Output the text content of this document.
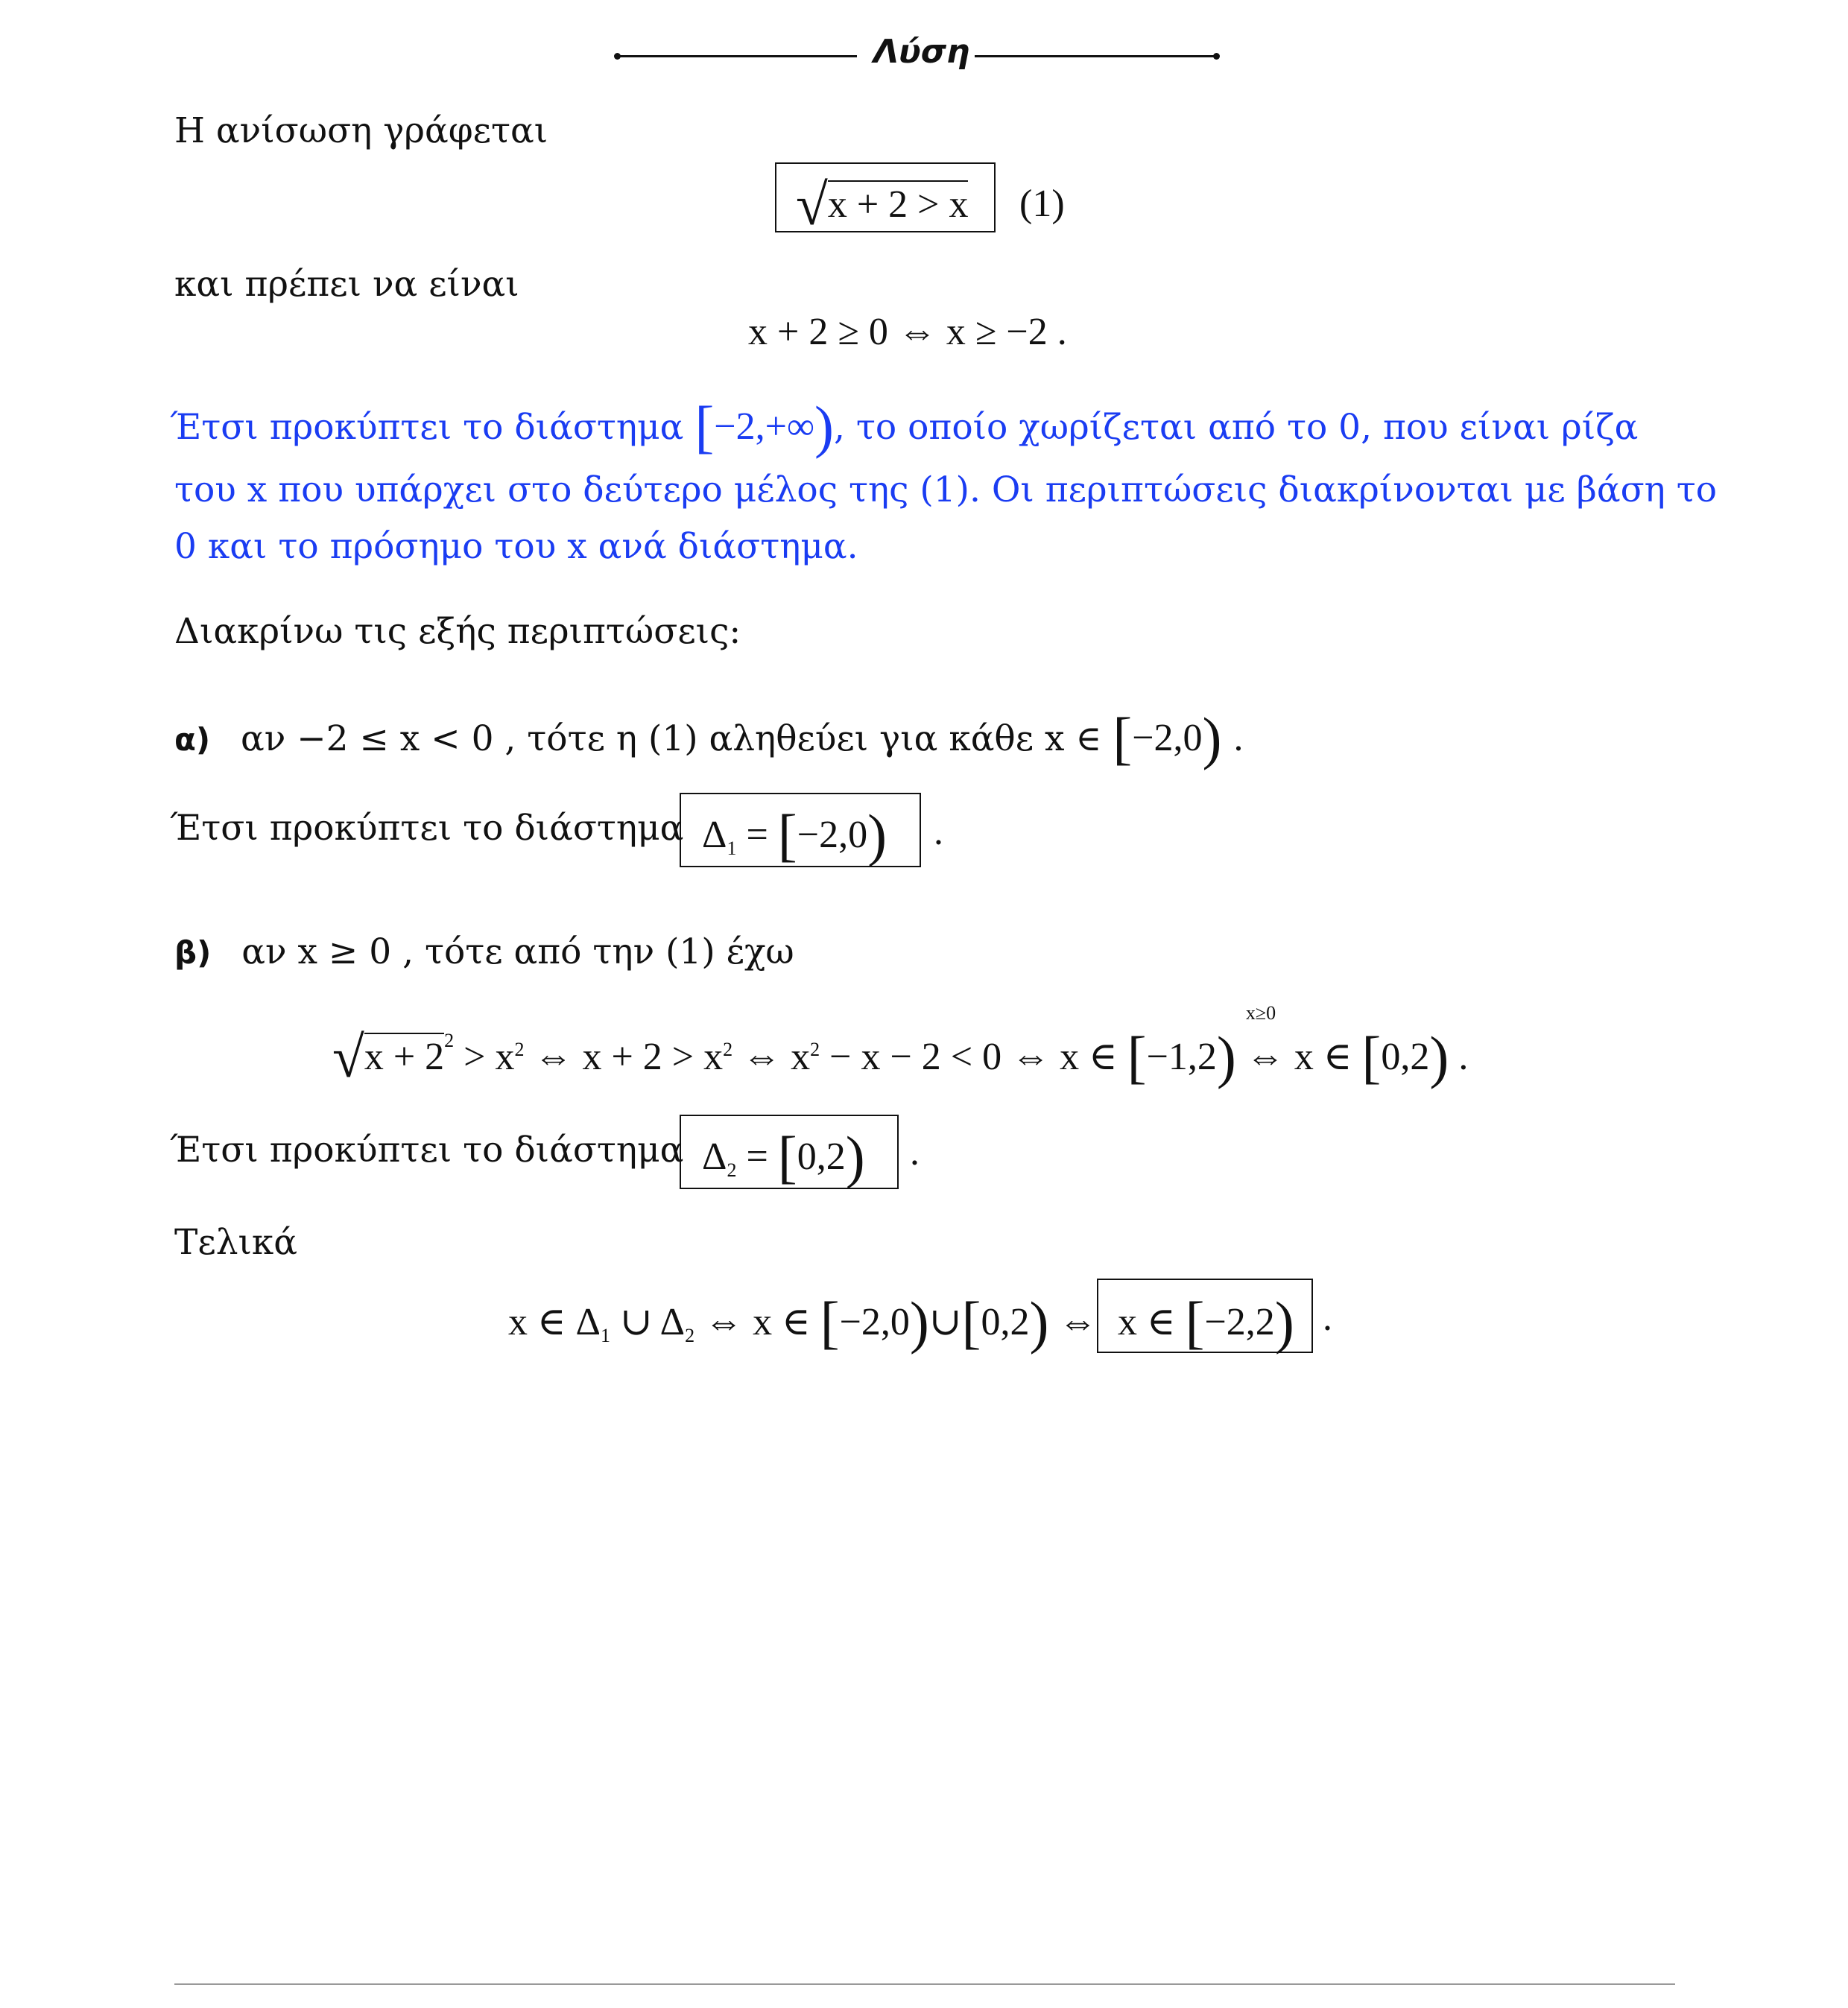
Λύση
Η ανίσωση γράφεται
√x + 2 > x (1)
και πρέπει να είναι
x + 2 ≥ 0 ⇔ x ≥ −2 .
Έτσι προκύπτει το διάστημα [−2,+∞), το οποίο χωρίζεται από το 0, που είναι ρίζα
του x που υπάρχει στο δεύτερο μέλος της (1). Οι περιπτώσεις διακρίνονται με βάση το
0 και το πρόσημο του x ανά διάστημα.
Διακρίνω τις εξής περιπτώσεις:
α) αν −2 ≤ x < 0 , τότε η (1) αληθεύει για κάθε x ∈ [−2,0) .
Έτσι προκύπτει το διάστημα $\Delta_1 = [-2,0)$ .
β) αν x ≥ 0 , τότε από την (1) έχω
$√x + 2^2 > x^2$ ⇔ $x + 2 > x^2$ ⇔ $x^2 - x - 2 < 0$ ⇔ x ∈ [−1,2)
x≥0
⇔ x ∈ [0,2) .
Έτσι προκύπτει το διάστημα $\Delta_2 = [0,2)$ .
Τελικά
x ∈ $\Delta_1$ ∪ $\Delta_2$ ⇔ x ∈ [−2,0)∪[0,2) ⇔ x ∈ [−2,2) .
